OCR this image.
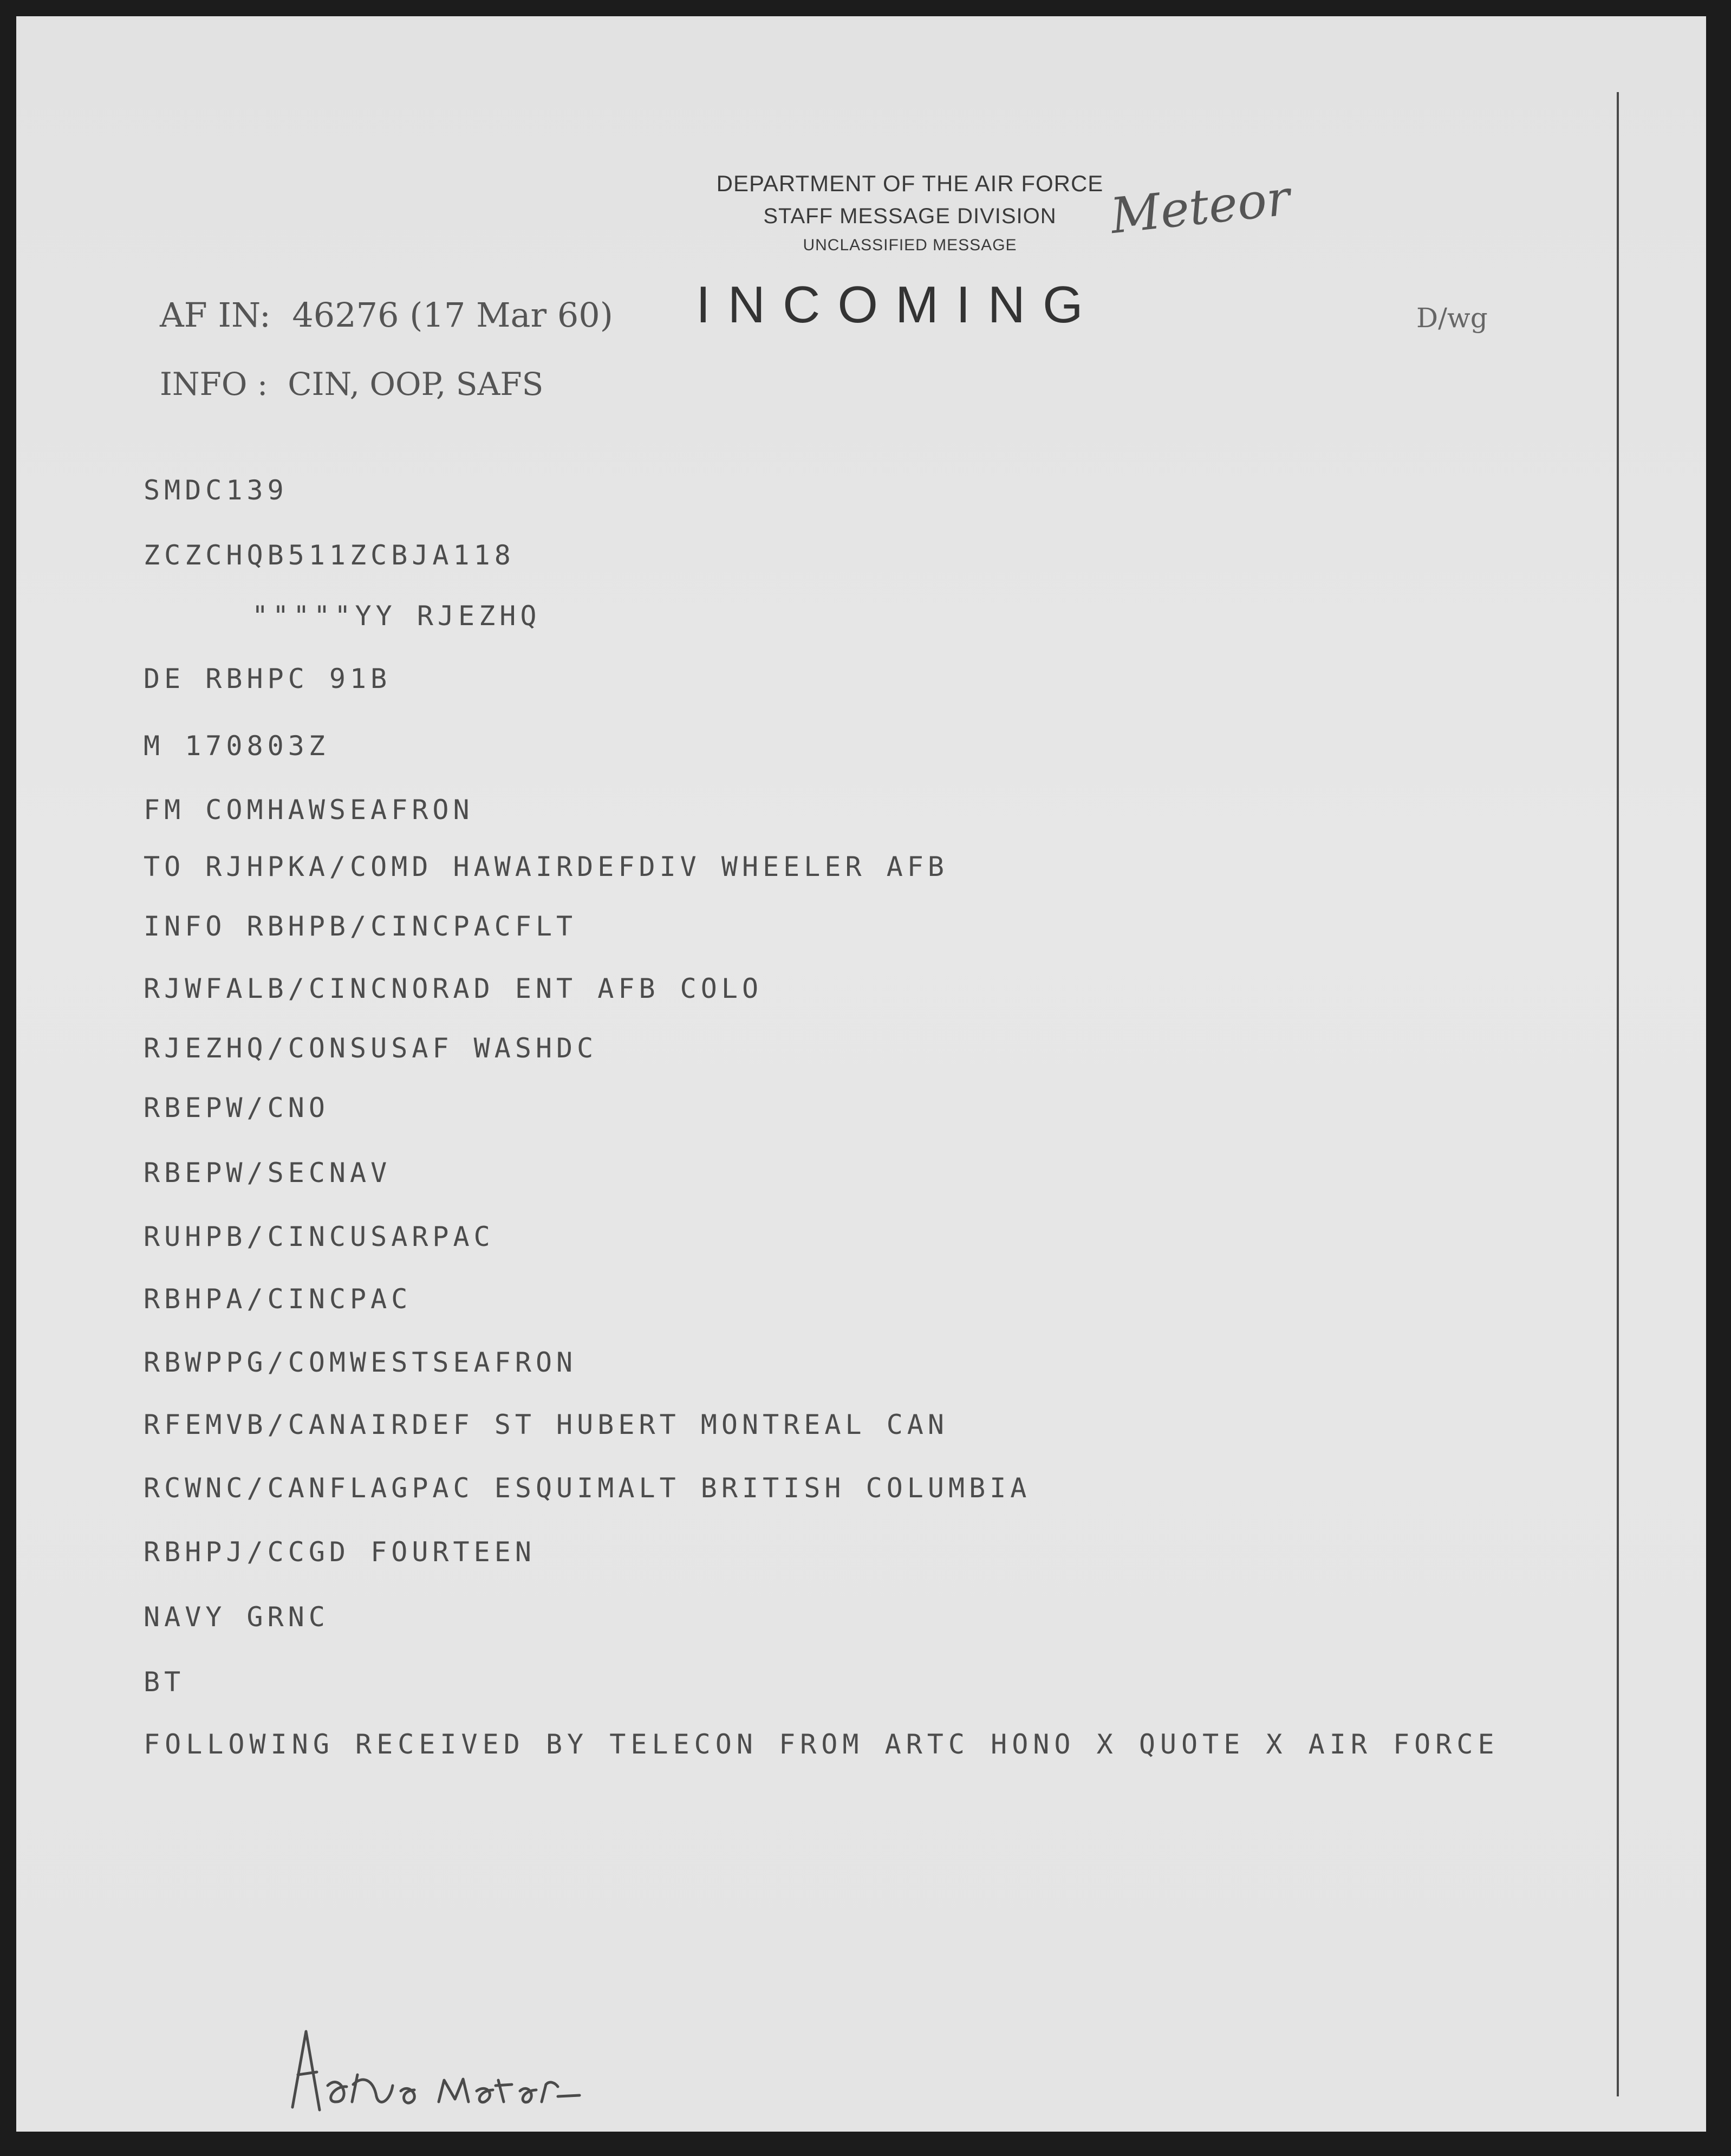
DEPARTMENT OF THE AIR FORCE
STAFF MESSAGE DIVISION
UNCLASSIFIED MESSAGE
Meteor
AF IN:  46276 (17 Mar 60) INCOMING	D/wg
INFO :  CIN, OOP, SAFS
SMDC139
ZCZCHQB511ZCBJA118
"""""YY RJEZHQ
DE RBHPC 91B
M 170803Z
FM COMHAWSEAFRON
TO RJHPKA/COMD HAWAIRDEFDIV WHEELER AFB
INFO RBHPB/CINCPACFLT
RJWFALB/CINCNORAD ENT AFB COLO
RJEZHQ/CONSUSAF WASHDC
RBEPW/CNO
RBEPW/SECNAV
RUHPB/CINCUSARPAC
RBHPA/CINCPAC
RBWPPG/COMWESTSEAFRON
RFEMVB/CANAIRDEF ST HUBERT MONTREAL CAN
RCWNC/CANFLAGPAC ESQUIMALT BRITISH COLUMBIA
RBHPJ/CCGD FOURTEEN
NAVY GRNC
BT
FOLLOWING RECEIVED BY TELECON FROM ARTC HONO X QUOTE X AIR FORCE
